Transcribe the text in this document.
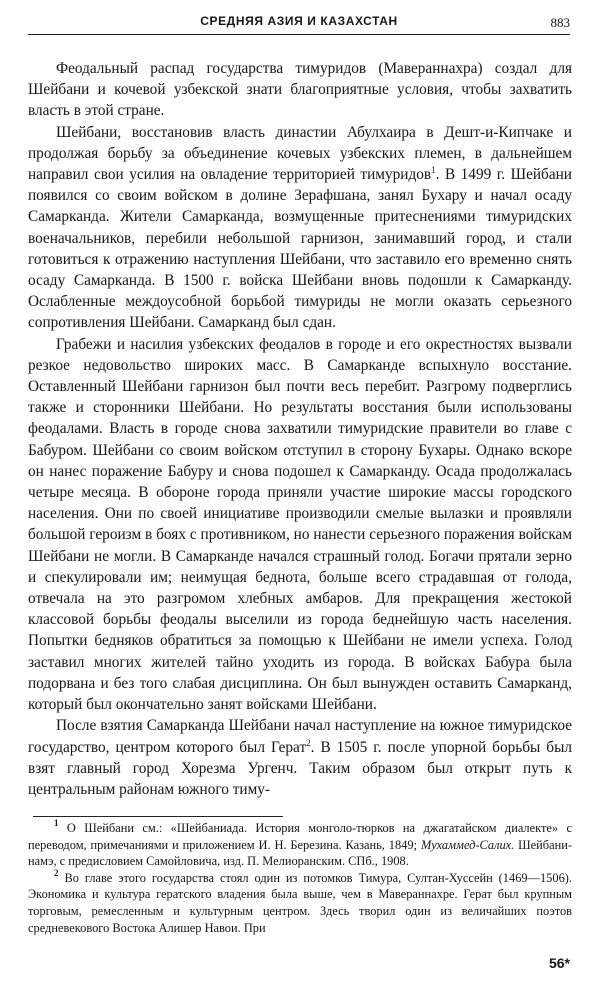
СРЕДНЯЯ АЗИЯ И КАЗАХСТАН	883

Феодальный распад государства тимуридов (Мавераннахра) создал для Шейбани и кочевой узбекской знати благоприятные условия, чтобы захватить власть в этой стране.

Шейбани, восстановив власть династии Абулхаира в Дешт-и-Кипчаке и продолжая борьбу за объединение кочевых узбекских племен, в дальнейшем направил свои усилия на овладение территорией тимуридов$^1$. В 1499 г. Шейбани появился со своим войском в долине Зерафшана, занял Бухару и начал осаду Самарканда. Жители Самарканда, возмущенные притеснениями тимуридских военачальников, перебили небольшой гарнизон, занимавший город, и стали готовиться к отражению наступления Шейбани, что заставило его временно снять осаду Самарканда. В 1500 г. войска Шейбани вновь подошли к Самарканду. Ослабленные междоусобной борьбой тимуриды не могли оказать серьезного сопротивления Шейбани. Самарканд был сдан.

Грабежи и насилия узбекских феодалов в городе и его окрестностях вызвали резкое недовольство широких масс. В Самарканде вспыхнуло восстание. Оставленный Шейбани гарнизон был почти весь перебит. Разгрому подверглись также и сторонники Шейбани. Но результаты восстания были использованы феодалами. Власть в городе снова захватили тимуридские правители во главе с Бабуром. Шейбани со своим войском отступил в сторону Бухары. Однако вскоре он нанес поражение Бабуру и снова подошел к Самарканду. Осада продолжалась четыре месяца. В обороне города приняли участие широкие массы городского населения. Они по своей инициативе производили смелые вылазки и проявляли большой героизм в боях с противником, но нанести серьезного поражения войскам Шейбани не могли. В Самарканде начался страшный голод. Богачи прятали зерно и спекулировали им; неимущая беднота, больше всего страдавшая от голода, отвечала на это разгромом хлебных амбаров. Для прекращения жестокой классовой борьбы феодалы выселили из города беднейшую часть населения. Попытки бедняков обратиться за помощью к Шейбани не имели успеха. Голод заставил многих жителей тайно уходить из города. В войсках Бабура была подорвана и без того слабая дисциплина. Он был вынужден оставить Самарканд, который был окончательно занят войсками Шейбани.

После взятия Самарканда Шейбани начал наступление на южное тимуридское государство, центром которого был Герат$^2$. В 1505 г. после упорной борьбы был взят главный город Хорезма Ургенч. Таким образом был открыт путь к центральным районам южного тиму-

$^1$ О Шейбани см.: «Шейбаниада. История монголо-тюрков на джагатайском диалекте» с переводом, примечаниями и приложением И. Н. Березина. Казань, 1849; Мухаммед-Салих. Шейбани-намэ, с предисловием Самойловича, изд. П. Мелиоранским. СПб., 1908.

$^2$ Во главе этого государства стоял один из потомков Тимура, Султан-Хуссейн (1469—1506). Экономика и культура гератского владения была выше, чем в Мавераннахре. Герат был крупным торговым, ремесленным и культурным центром. Здесь творил один из величайших поэтов средневекового Востока Алишер Навои. При

56*
